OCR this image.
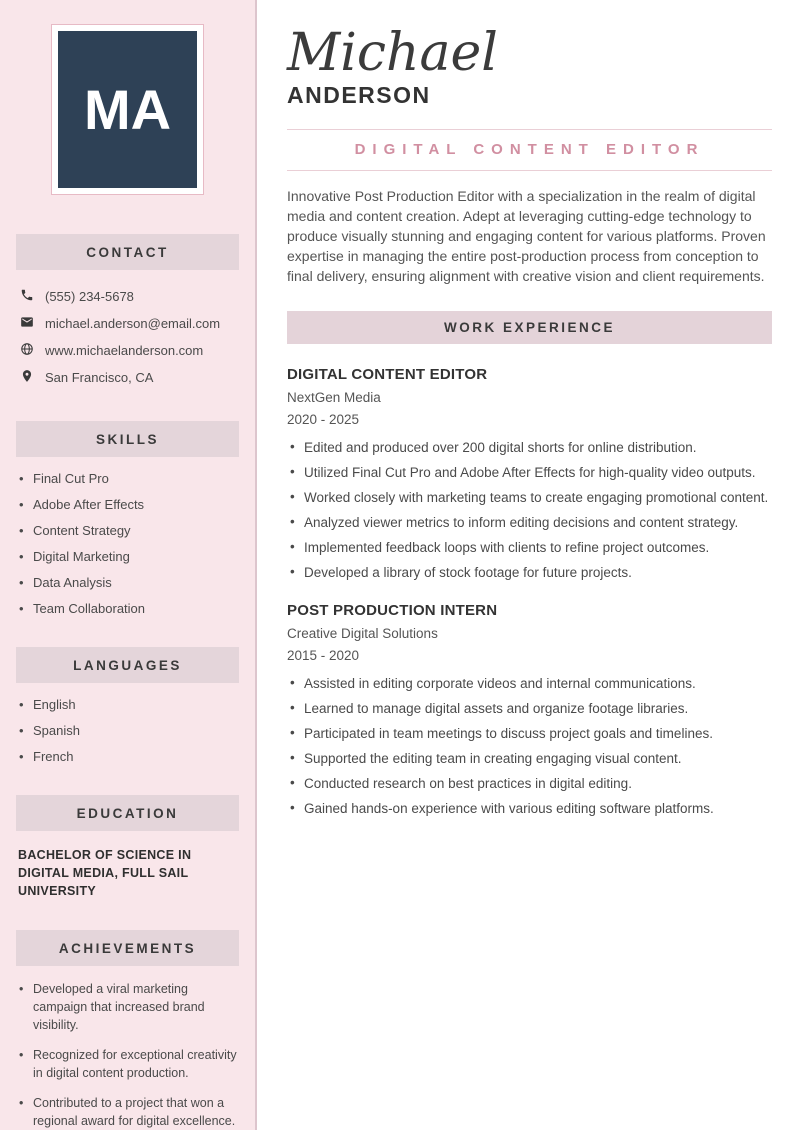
MA
CONTACT
(555) 234-5678
michael.anderson@email.com
www.michaelanderson.com
San Francisco, CA
SKILLS
• Final Cut Pro
• Adobe After Effects
• Content Strategy
• Digital Marketing
• Data Analysis
• Team Collaboration
LANGUAGES
• English
• Spanish
• French
EDUCATION
BACHELOR OF SCIENCE IN DIGITAL MEDIA, FULL SAIL UNIVERSITY
ACHIEVEMENTS
• Developed a viral marketing campaign that increased brand visibility.
• Recognized for exceptional creativity in digital content production.
• Contributed to a project that won a regional award for digital excellence.
Michael
ANDERSON
DIGITAL CONTENT EDITOR

Innovative Post Production Editor with a specialization in the realm of digital media and content creation. Adept at leveraging cutting-edge technology to produce visually stunning and engaging content for various platforms. Proven expertise in managing the entire post-production process from conception to final delivery, ensuring alignment with creative vision and client requirements.

WORK EXPERIENCE
DIGITAL CONTENT EDITOR
NextGen Media
2020 - 2025
• Edited and produced over 200 digital shorts for online distribution.
• Utilized Final Cut Pro and Adobe After Effects for high-quality video outputs.
• Worked closely with marketing teams to create engaging promotional content.
• Analyzed viewer metrics to inform editing decisions and content strategy.
• Implemented feedback loops with clients to refine project outcomes.
• Developed a library of stock footage for future projects.
POST PRODUCTION INTERN
Creative Digital Solutions
2015 - 2020
• Assisted in editing corporate videos and internal communications.
• Learned to manage digital assets and organize footage libraries.
• Participated in team meetings to discuss project goals and timelines.
• Supported the editing team in creating engaging visual content.
• Conducted research on best practices in digital editing.
• Gained hands-on experience with various editing software platforms.
